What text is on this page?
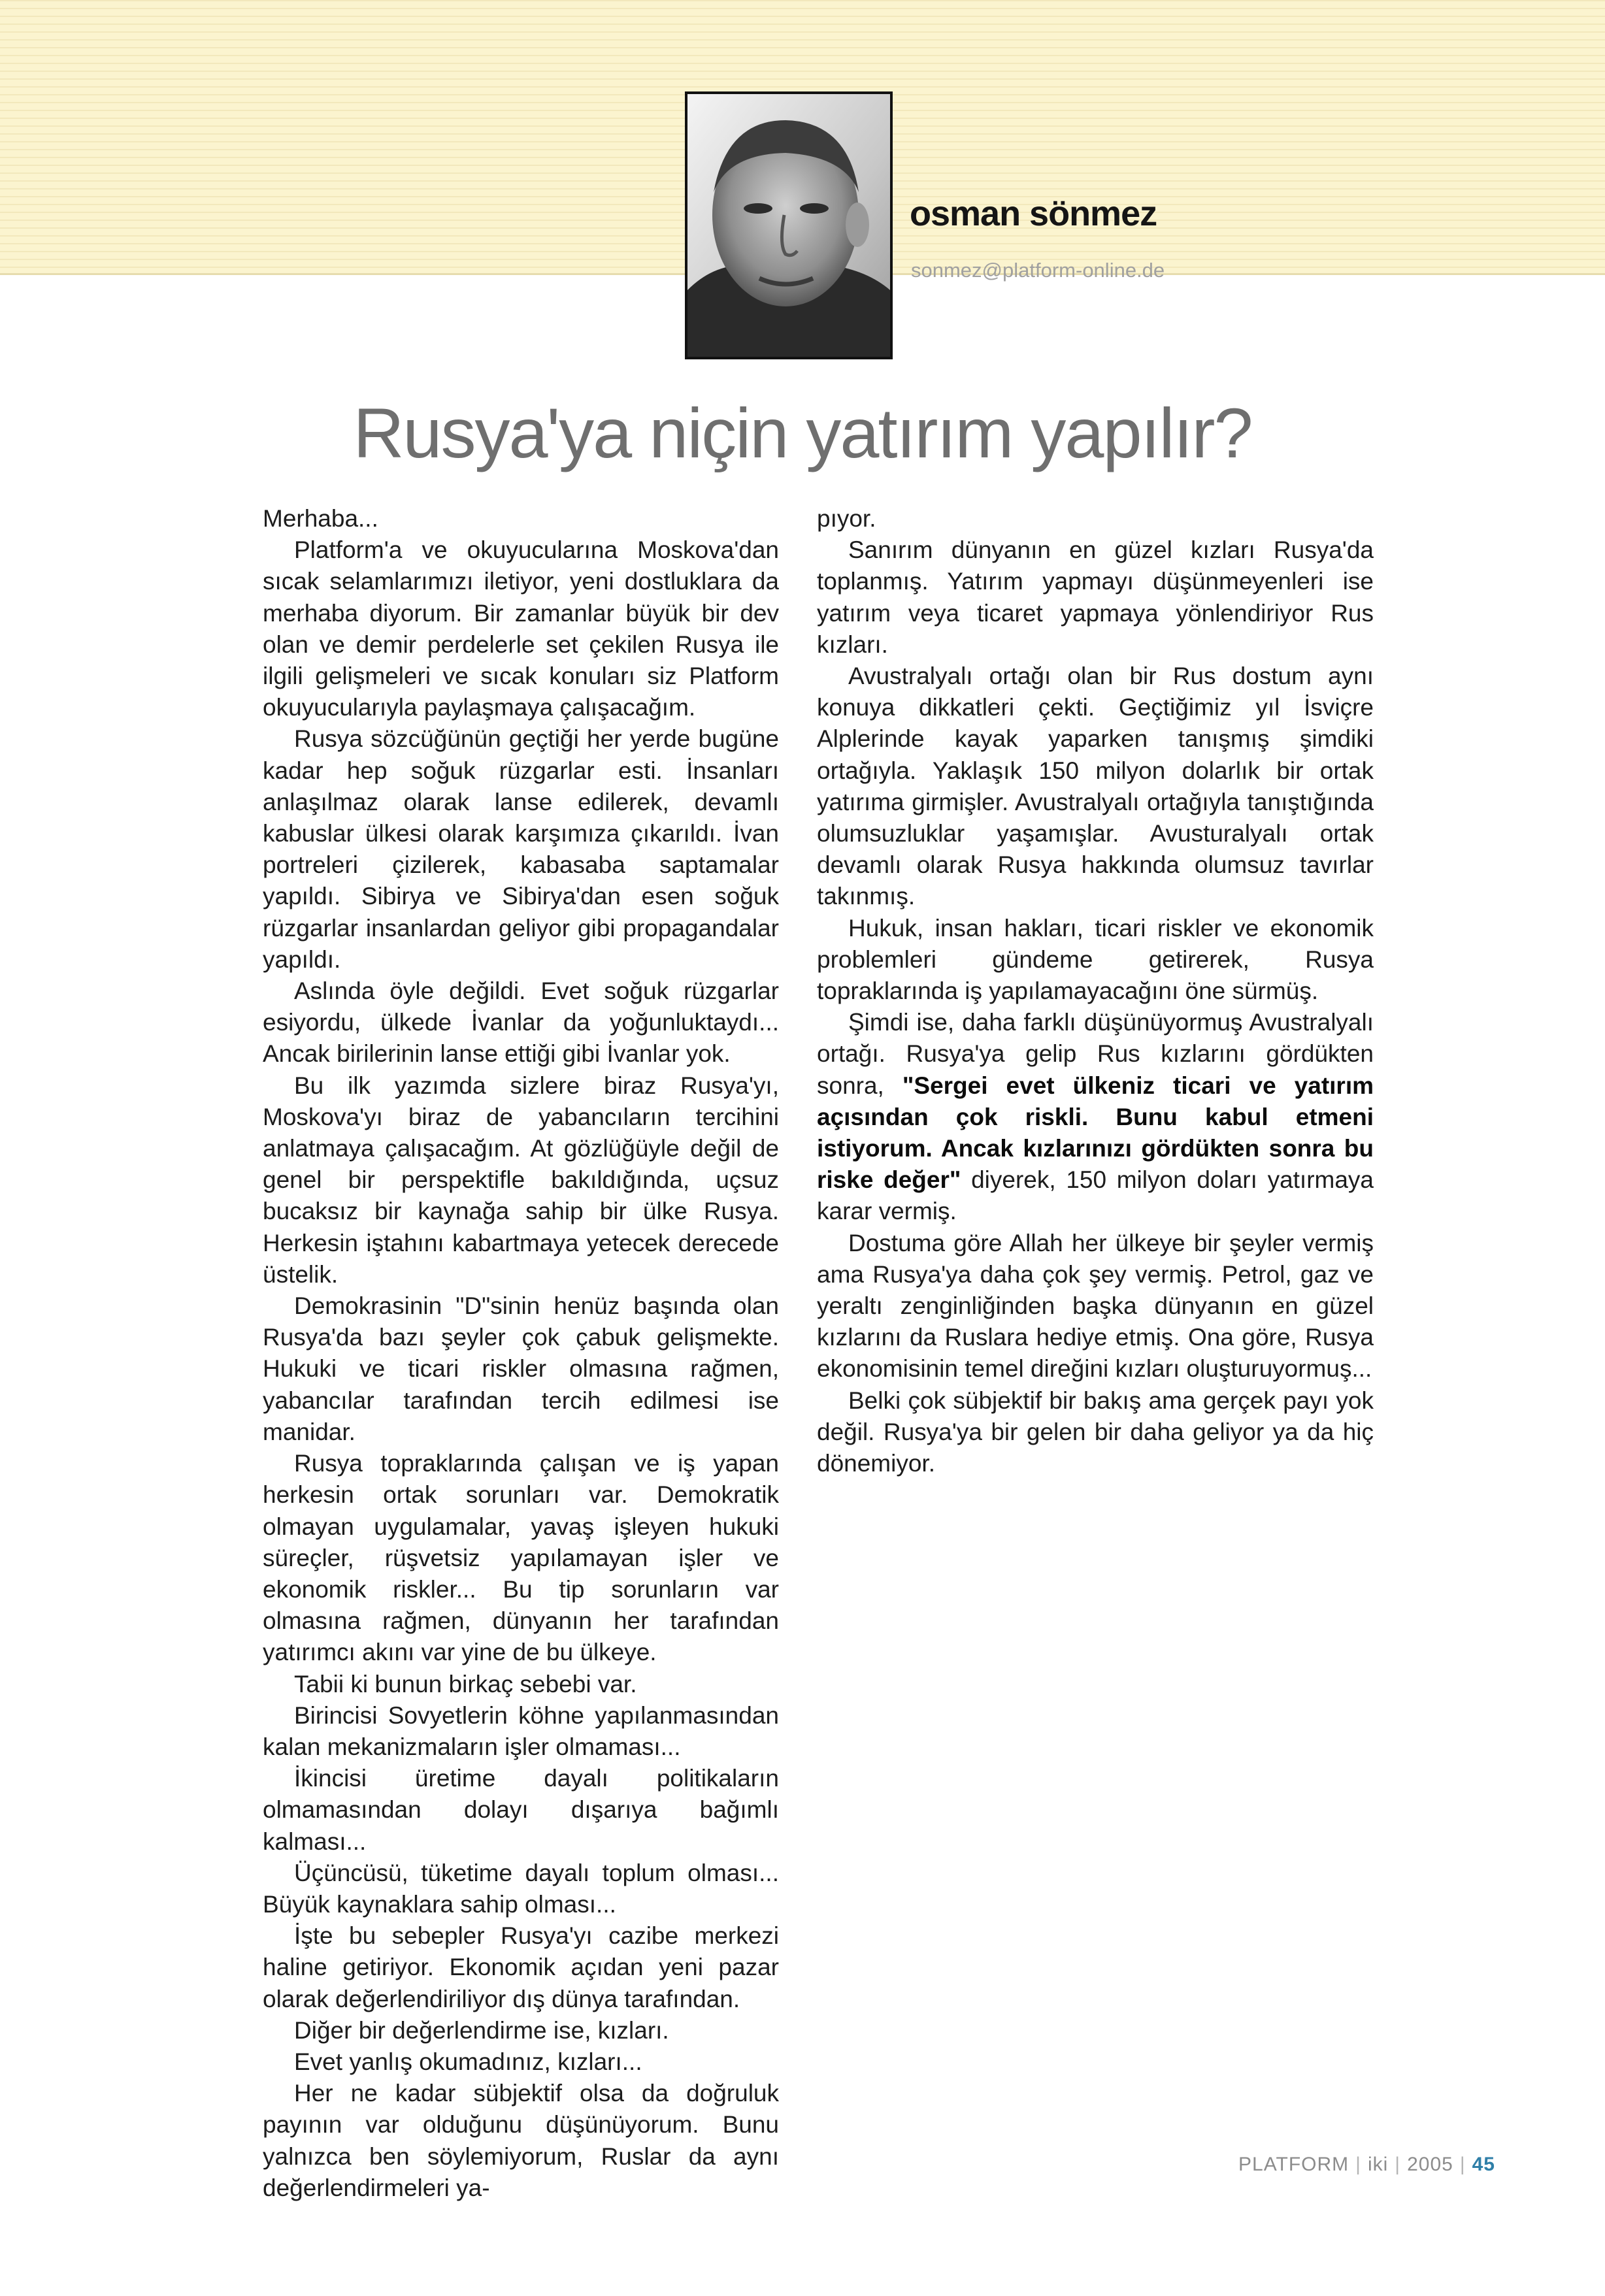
osman sönmez
sonmez@platform-online.de
Rusya'ya niçin yatırım yapılır?

Merhaba...

Platform'a ve okuyucularına Moskova'dan sıcak selamlarımızı iletiyor, yeni dostluklara da merhaba diyorum. Bir zamanlar büyük bir dev olan ve demir perdelerle set çekilen Rusya ile ilgili gelişmeleri ve sıcak konuları siz Platform okuyucularıyla paylaşmaya çalışacağım.

Rusya sözcüğünün geçtiği her yerde bugüne kadar hep soğuk rüzgarlar esti. İnsanları anlaşılmaz olarak lanse edilerek, devamlı kabuslar ülkesi olarak karşımıza çıkarıldı. İvan portreleri çizilerek, kabasaba saptamalar yapıldı. Sibirya ve Sibirya'dan esen soğuk rüzgarlar insanlardan geliyor gibi propagandalar yapıldı.

Aslında öyle değildi. Evet soğuk rüzgarlar esiyordu, ülkede İvanlar da yoğunluktaydı... Ancak birilerinin lanse ettiği gibi İvanlar yok.

Bu ilk yazımda sizlere biraz Rusya'yı, Moskova'yı biraz de yabancıların tercihini anlatmaya çalışacağım. At gözlüğüyle değil de genel bir perspektifle bakıldığında, uçsuz bucaksız bir kaynağa sahip bir ülke Rusya. Herkesin iştahını kabartmaya yetecek derecede üstelik.

Demokrasinin "D"sinin henüz başında olan Rusya'da bazı şeyler çok çabuk gelişmekte. Hukuki ve ticari riskler olmasına rağmen, yabancılar tarafından tercih edilmesi ise manidar.

Rusya topraklarında çalışan ve iş yapan herkesin ortak sorunları var. Demokratik olmayan uygulamalar, yavaş işleyen hukuki süreçler, rüşvetsiz yapılamayan işler ve ekonomik riskler... Bu tip sorunların var olmasına rağmen, dünyanın her tarafından yatırımcı akını var yine de bu ülkeye.

Tabii ki bunun birkaç sebebi var.

Birincisi Sovyetlerin köhne yapılanmasından kalan mekanizmaların işler olmaması...

İkincisi üretime dayalı politikaların olmamasından dolayı dışarıya bağımlı kalması...

Üçüncüsü, tüketime dayalı toplum olması... Büyük kaynaklara sahip olması...

İşte bu sebepler Rusya'yı cazibe merkezi haline getiriyor. Ekonomik açıdan yeni pazar olarak değerlendiriliyor dış dünya tarafından.

Diğer bir değerlendirme ise, kızları.

Evet yanlış okumadınız, kızları...

Her ne kadar sübjektif olsa da doğruluk payının var olduğunu düşünüyorum. Bunu yalnızca ben söylemiyorum, Ruslar da aynı değerlendirmeleri ya-

pıyor.

Sanırım dünyanın en güzel kızları Rusya'da toplanmış. Yatırım yapmayı düşünmeyenleri ise yatırım veya ticaret yapmaya yönlendiriyor Rus kızları.

Avustralyalı ortağı olan bir Rus dostum aynı konuya dikkatleri çekti. Geçtiğimiz yıl İsviçre Alplerinde kayak yaparken tanışmış şimdiki ortağıyla. Yaklaşık 150 milyon dolarlık bir ortak yatırıma girmişler. Avustralyalı ortağıyla tanıştığında olumsuzluklar yaşamışlar. Avusturalyalı ortak devamlı olarak Rusya hakkında olumsuz tavırlar takınmış.

Hukuk, insan hakları, ticari riskler ve ekonomik problemleri gündeme getirerek, Rusya topraklarında iş yapılamayacağını öne sürmüş.

Şimdi ise, daha farklı düşünüyormuş Avustralyalı ortağı. Rusya'ya gelip Rus kızlarını gördükten sonra, "Sergei evet ülkeniz ticari ve yatırım açısından çok riskli. Bunu kabul etmeni istiyorum. Ancak kızlarınızı gördükten sonra bu riske değer" diyerek, 150 milyon doları yatırmaya karar vermiş.

Dostuma göre Allah her ülkeye bir şeyler vermiş ama Rusya'ya daha çok şey vermiş. Petrol, gaz ve yeraltı zenginliğinden başka dünyanın en güzel kızlarını da Ruslara hediye etmiş. Ona göre, Rusya ekonomisinin temel direğini kızları oluşturuyormuş...

Belki çok sübjektif bir bakış ama gerçek payı yok değil. Rusya'ya bir gelen bir daha geliyor ya da hiç dönemiyor.

PLATFORM | iki | 2005 | 45
